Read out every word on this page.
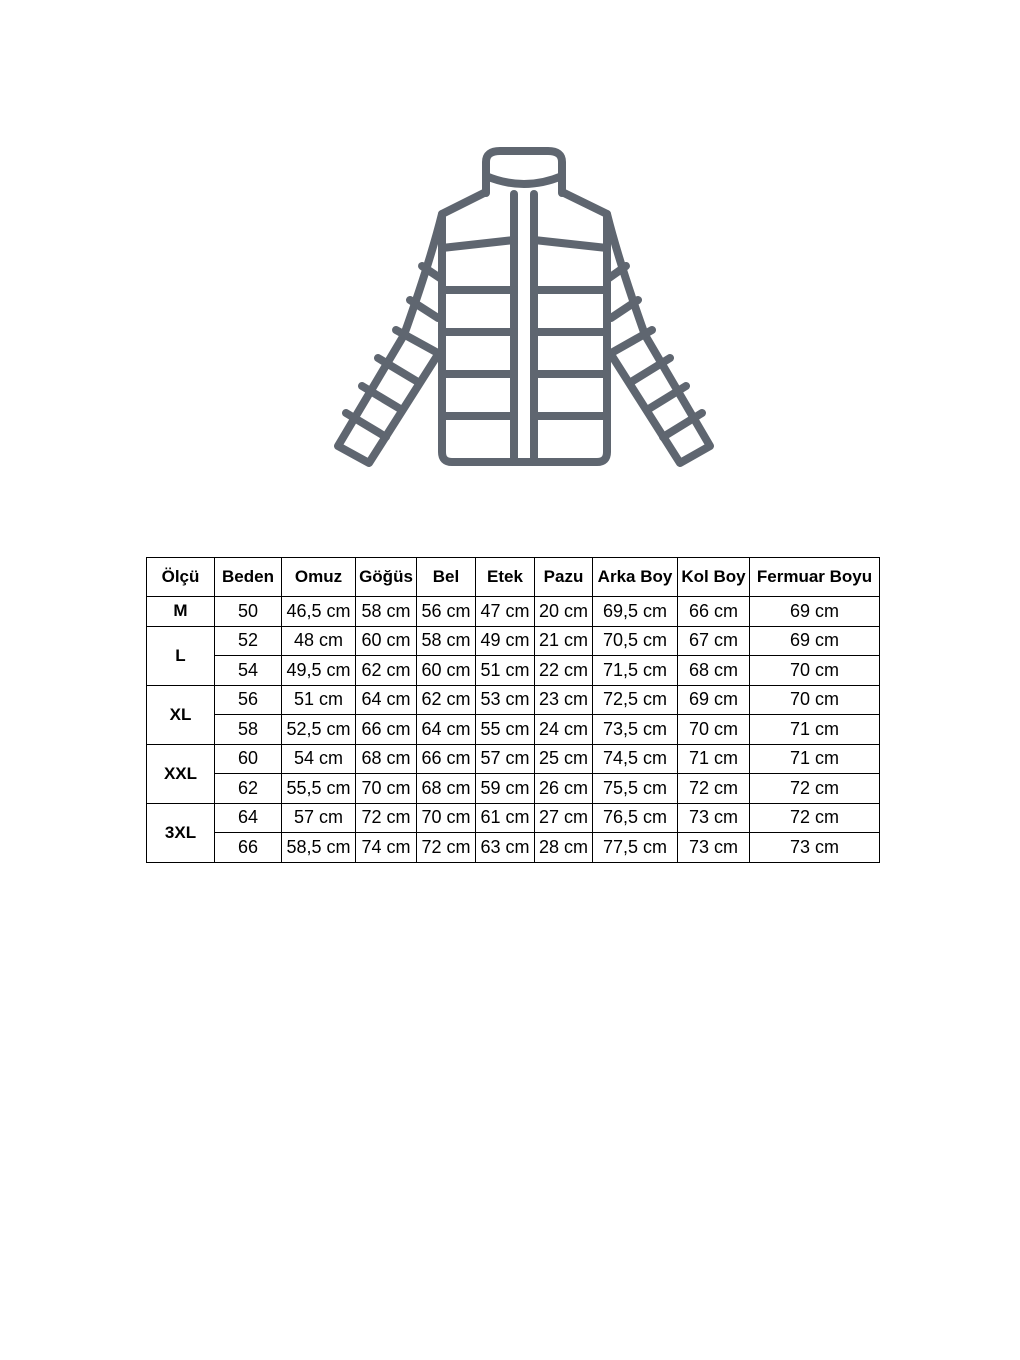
Ölçü	Beden	Omuz	Göğüs	Bel	Etek	Pazu	Arka Boy	Kol Boy	Fermuar Boyu
M	50	46,5 cm	58 cm	56 cm	47 cm	20 cm	69,5 cm	66 cm	69 cm
L	52	48 cm	60 cm	58 cm	49 cm	21 cm	70,5 cm	67 cm	69 cm
	54	49,5 cm	62 cm	60 cm	51 cm	22 cm	71,5 cm	68 cm	70 cm
XL	56	51 cm	64 cm	62 cm	53 cm	23 cm	72,5 cm	69 cm	70 cm
	58	52,5 cm	66 cm	64 cm	55 cm	24 cm	73,5 cm	70 cm	71 cm
XXL	60	54 cm	68 cm	66 cm	57 cm	25 cm	74,5 cm	71 cm	71 cm
	62	55,5 cm	70 cm	68 cm	59 cm	26 cm	75,5 cm	72 cm	72 cm
3XL	64	57 cm	72 cm	70 cm	61 cm	27 cm	76,5 cm	73 cm	72 cm
	66	58,5 cm	74 cm	72 cm	63 cm	28 cm	77,5 cm	73 cm	73 cm
